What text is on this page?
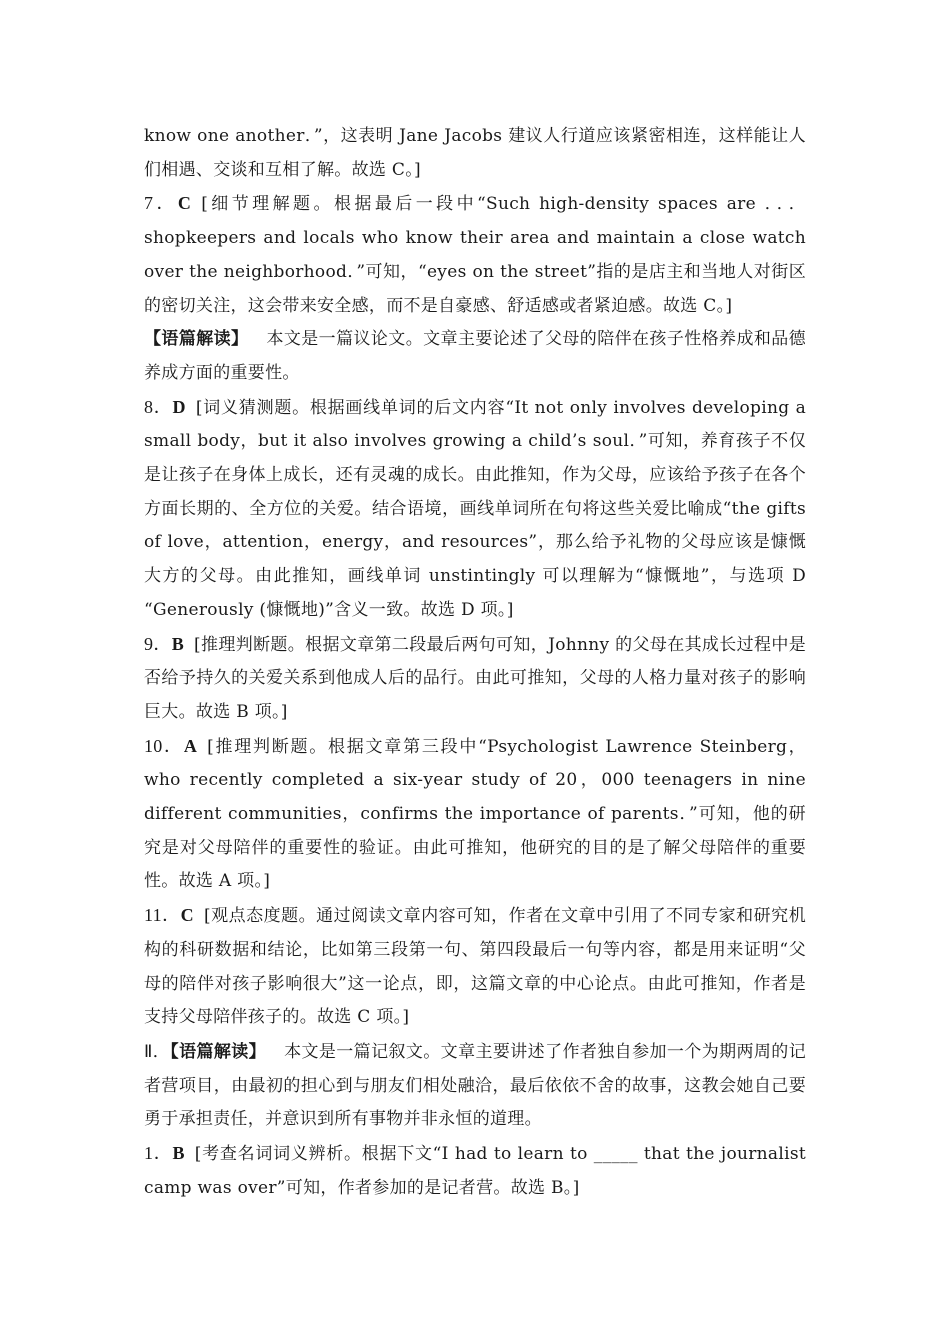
know one another．”，这表明 Jane Jacobs 建议人行道应该紧密相连，这样能让人们相遇、交谈和互相了解。故选 C。]

7．C [细节理解题。根据最后一段中“Such high-density spaces are ．．．shopkeepers and locals who know their area and maintain a close watch over the neighborhood．”可知，“eyes on the street”指的是店主和当地人对街区的密切关注，这会带来安全感，而不是自豪感、舒适感或者紧迫感。故选 C。]

【语篇解读】 本文是一篇议论文。文章主要论述了父母的陪伴在孩子性格养成和品德养成方面的重要性。

8．D [词义猜测题。根据画线单词的后文内容“It not only involves developing a small body，but it also involves growing a child’s soul．”可知，养育孩子不仅是让孩子在身体上成长，还有灵魂的成长。由此推知，作为父母，应该给予孩子在各个方面长期的、全方位的关爱。结合语境，画线单词所在句将这些关爱比喻成“the gifts of love，attention，energy，and resources”，那么给予礼物的父母应该是慷慨大方的父母。由此推知，画线单词 unstintingly 可以理解为“慷慨地”，与选项 D “Generously (慷慨地)”含义一致。故选 D 项。]

9．B [推理判断题。根据文章第二段最后两句可知，Johnny 的父母在其成长过程中是否给予持久的关爱关系到他成人后的品行。由此可推知，父母的人格力量对孩子的影响巨大。故选 B 项。]

10．A [推理判断题。根据文章第三段中“Psychologist Lawrence Steinberg，who recently completed a six-year study of 20，000 teenagers in nine different communities，confirms the importance of parents．”可知，他的研究是对父母陪伴的重要性的验证。由此可推知，他研究的目的是了解父母陪伴的重要性。故选 A 项。]

11．C [观点态度题。通过阅读文章内容可知，作者在文章中引用了不同专家和研究机构的科研数据和结论，比如第三段第一句、第四段最后一句等内容，都是用来证明“父母的陪伴对孩子影响很大”这一论点，即，这篇文章的中心论点。由此可推知，作者是支持父母陪伴孩子的。故选 C 项。]

Ⅱ．【语篇解读】 本文是一篇记叙文。文章主要讲述了作者独自参加一个为期两周的记者营项目，由最初的担心到与朋友们相处融洽，最后依依不舍的故事，这教会她自己要勇于承担责任，并意识到所有事物并非永恒的道理。

1．B [考查名词词义辨析。根据下文“I had to learn to _____ that the journalist camp was over”可知，作者参加的是记者营。故选 B。]
